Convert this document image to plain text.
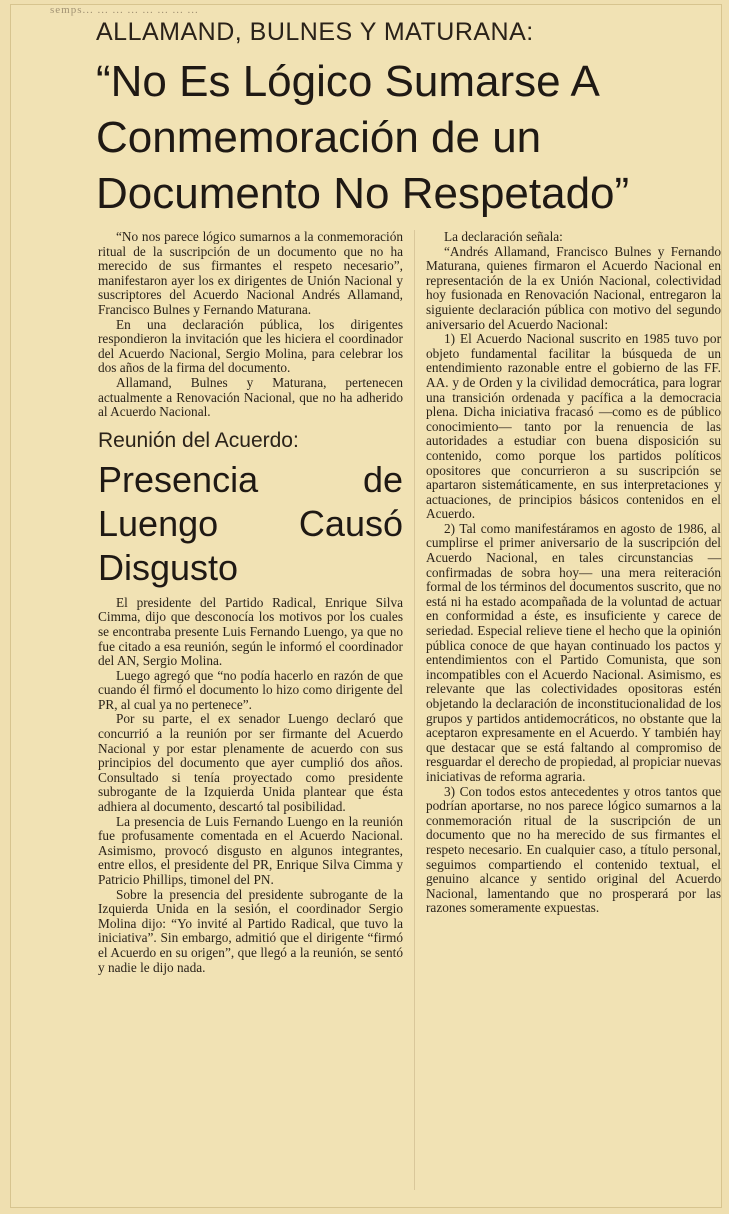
semps... ... ... ... ... ... ... ...
ALLAMAND, BULNES Y MATURANA:
“No Es Lógico Sumarse A Conmemoración de un Documento No Respetado”

“No nos parece lógico sumarnos a la conmemoración ritual de la suscripción de un documento que no ha merecido de sus firmantes el respeto necesario”, manifestaron ayer los ex dirigentes de Unión Nacional y suscriptores del Acuerdo Nacional Andrés Allamand, Francisco Bulnes y Fernando Maturana.

En una declaración pública, los dirigentes respondieron la invitación que les hiciera el coordinador del Acuerdo Nacional, Sergio Molina, para celebrar los dos años de la firma del documento.

Allamand, Bulnes y Maturana, pertenecen actualmente a Renovación Nacional, que no ha adherido al Acuerdo Nacional.

Reunión del Acuerdo:
Presencia de Luengo Causó Disgusto

El presidente del Partido Radical, Enrique Silva Cimma, dijo que desconocía los motivos por los cuales se encontraba presente Luis Fernando Luengo, ya que no fue citado a esa reunión, según le informó el coordinador del AN, Sergio Molina.

Luego agregó que “no podía hacerlo en razón de que cuando él firmó el documento lo hizo como dirigente del PR, al cual ya no pertenece”.

Por su parte, el ex senador Luengo declaró que concurrió a la reunión por ser firmante del Acuerdo Nacional y por estar plenamente de acuerdo con sus principios del documento que ayer cumplió dos años. Consultado si tenía proyectado como presidente subrogante de la Izquierda Unida plantear que ésta adhiera al documento, descartó tal posibilidad.

La presencia de Luis Fernando Luengo en la reunión fue profusamente comentada en el Acuerdo Nacional. Asimismo, provocó disgusto en algunos integrantes, entre ellos, el presidente del PR, Enrique Silva Cimma y Patricio Phillips, timonel del PN.

Sobre la presencia del presidente subrogante de la Izquierda Unida en la sesión, el coordinador Sergio Molina dijo: “Yo invité al Partido Radical, que tuvo la iniciativa”. Sin embargo, admitió que el dirigente “firmó el Acuerdo en su origen”, que llegó a la reunión, se sentó y nadie le dijo nada.

La declaración señala:

“Andrés Allamand, Francisco Bulnes y Fernando Maturana, quienes firmaron el Acuerdo Nacional en representación de la ex Unión Nacional, colectividad hoy fusionada en Renovación Nacional, entregaron la siguiente declaración pública con motivo del segundo aniversario del Acuerdo Nacional:

1) El Acuerdo Nacional suscrito en 1985 tuvo por objeto fundamental facilitar la búsqueda de un entendimiento razonable entre el gobierno de las FF. AA. y de Orden y la civilidad democrática, para lograr una transición ordenada y pacífica a la democracia plena. Dicha iniciativa fracasó —como es de público conocimiento— tanto por la renuencia de las autoridades a estudiar con buena disposición su contenido, como porque los partidos políticos opositores que concurrieron a su suscripción se apartaron sistemáticamente, en sus interpretaciones y actuaciones, de principios básicos contenidos en el Acuerdo.

2) Tal como manifestáramos en agosto de 1986, al cumplirse el primer aniversario de la suscripción del Acuerdo Nacional, en tales circunstancias —confirmadas de sobra hoy— una mera reiteración formal de los términos del documentos suscrito, que no está ni ha estado acompañada de la voluntad de actuar en conformidad a éste, es insuficiente y carece de seriedad. Especial relieve tiene el hecho que la opinión pública conoce de que hayan continuado los pactos y entendimientos con el Partido Comunista, que son incompatibles con el Acuerdo Nacional. Asimismo, es relevante que las colectividades opositoras estén objetando la declaración de inconstitucionalidad de los grupos y partidos antidemocráticos, no obstante que la aceptaron expresamente en el Acuerdo. Y también hay que destacar que se está faltando al compromiso de resguardar el derecho de propiedad, al propiciar nuevas iniciativas de reforma agraria.

3) Con todos estos antecedentes y otros tantos que podrían aportarse, no nos parece lógico sumarnos a la conmemoración ritual de la suscripción de un documento que no ha merecido de sus firmantes el respeto necesario. En cualquier caso, a título personal, seguimos compartiendo el contenido textual, el genuino alcance y sentido original del Acuerdo Nacional, lamentando que no prosperará por las razones someramente expuestas.
